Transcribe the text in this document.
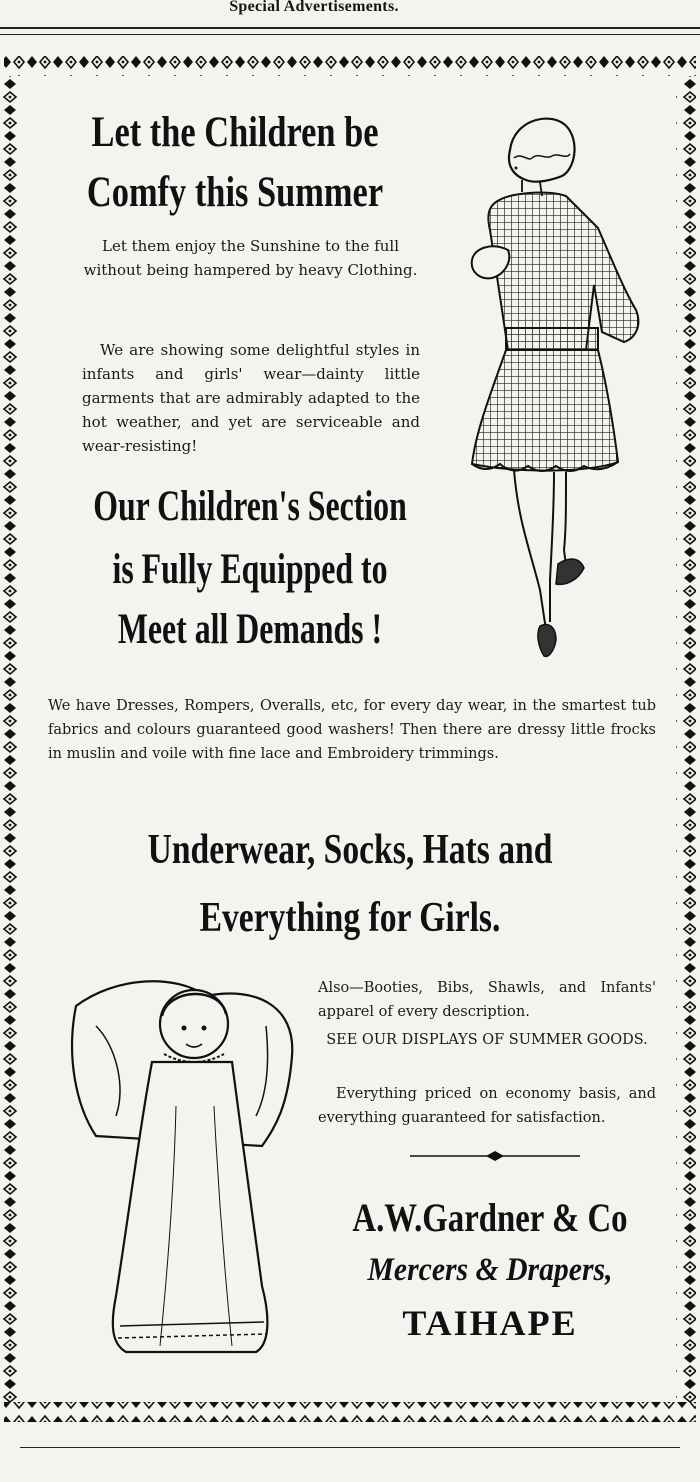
Special Advertisements.
Let the Children be
Comfy this Summer
Let them enjoy the Sunshine to the full without being hampered by heavy Clothing.
We are showing some delightful styles in infants and girls' wear—dainty little garments that are admirably adapted to the hot weather, and yet are serviceable and wear-resisting!
Our Children's Section
is Fully Equipped to
Meet all Demands !
We have Dresses, Rompers, Overalls, etc, for every day wear, in the smartest tub fabrics and colours guaranteed good washers! Then there are dressy little frocks in muslin and voile with fine lace and Embroidery trimmings.
Underwear, Socks, Hats and
Everything for Girls.
Also—Booties, Bibs, Shawls, and Infants' apparel of every description.
SEE OUR DISPLAYS OF SUMMER GOODS.
Everything priced on economy basis, and everything guaranteed for satisfaction.
A.W.Gardner & Co
Mercers & Drapers,
TAIHAPE
